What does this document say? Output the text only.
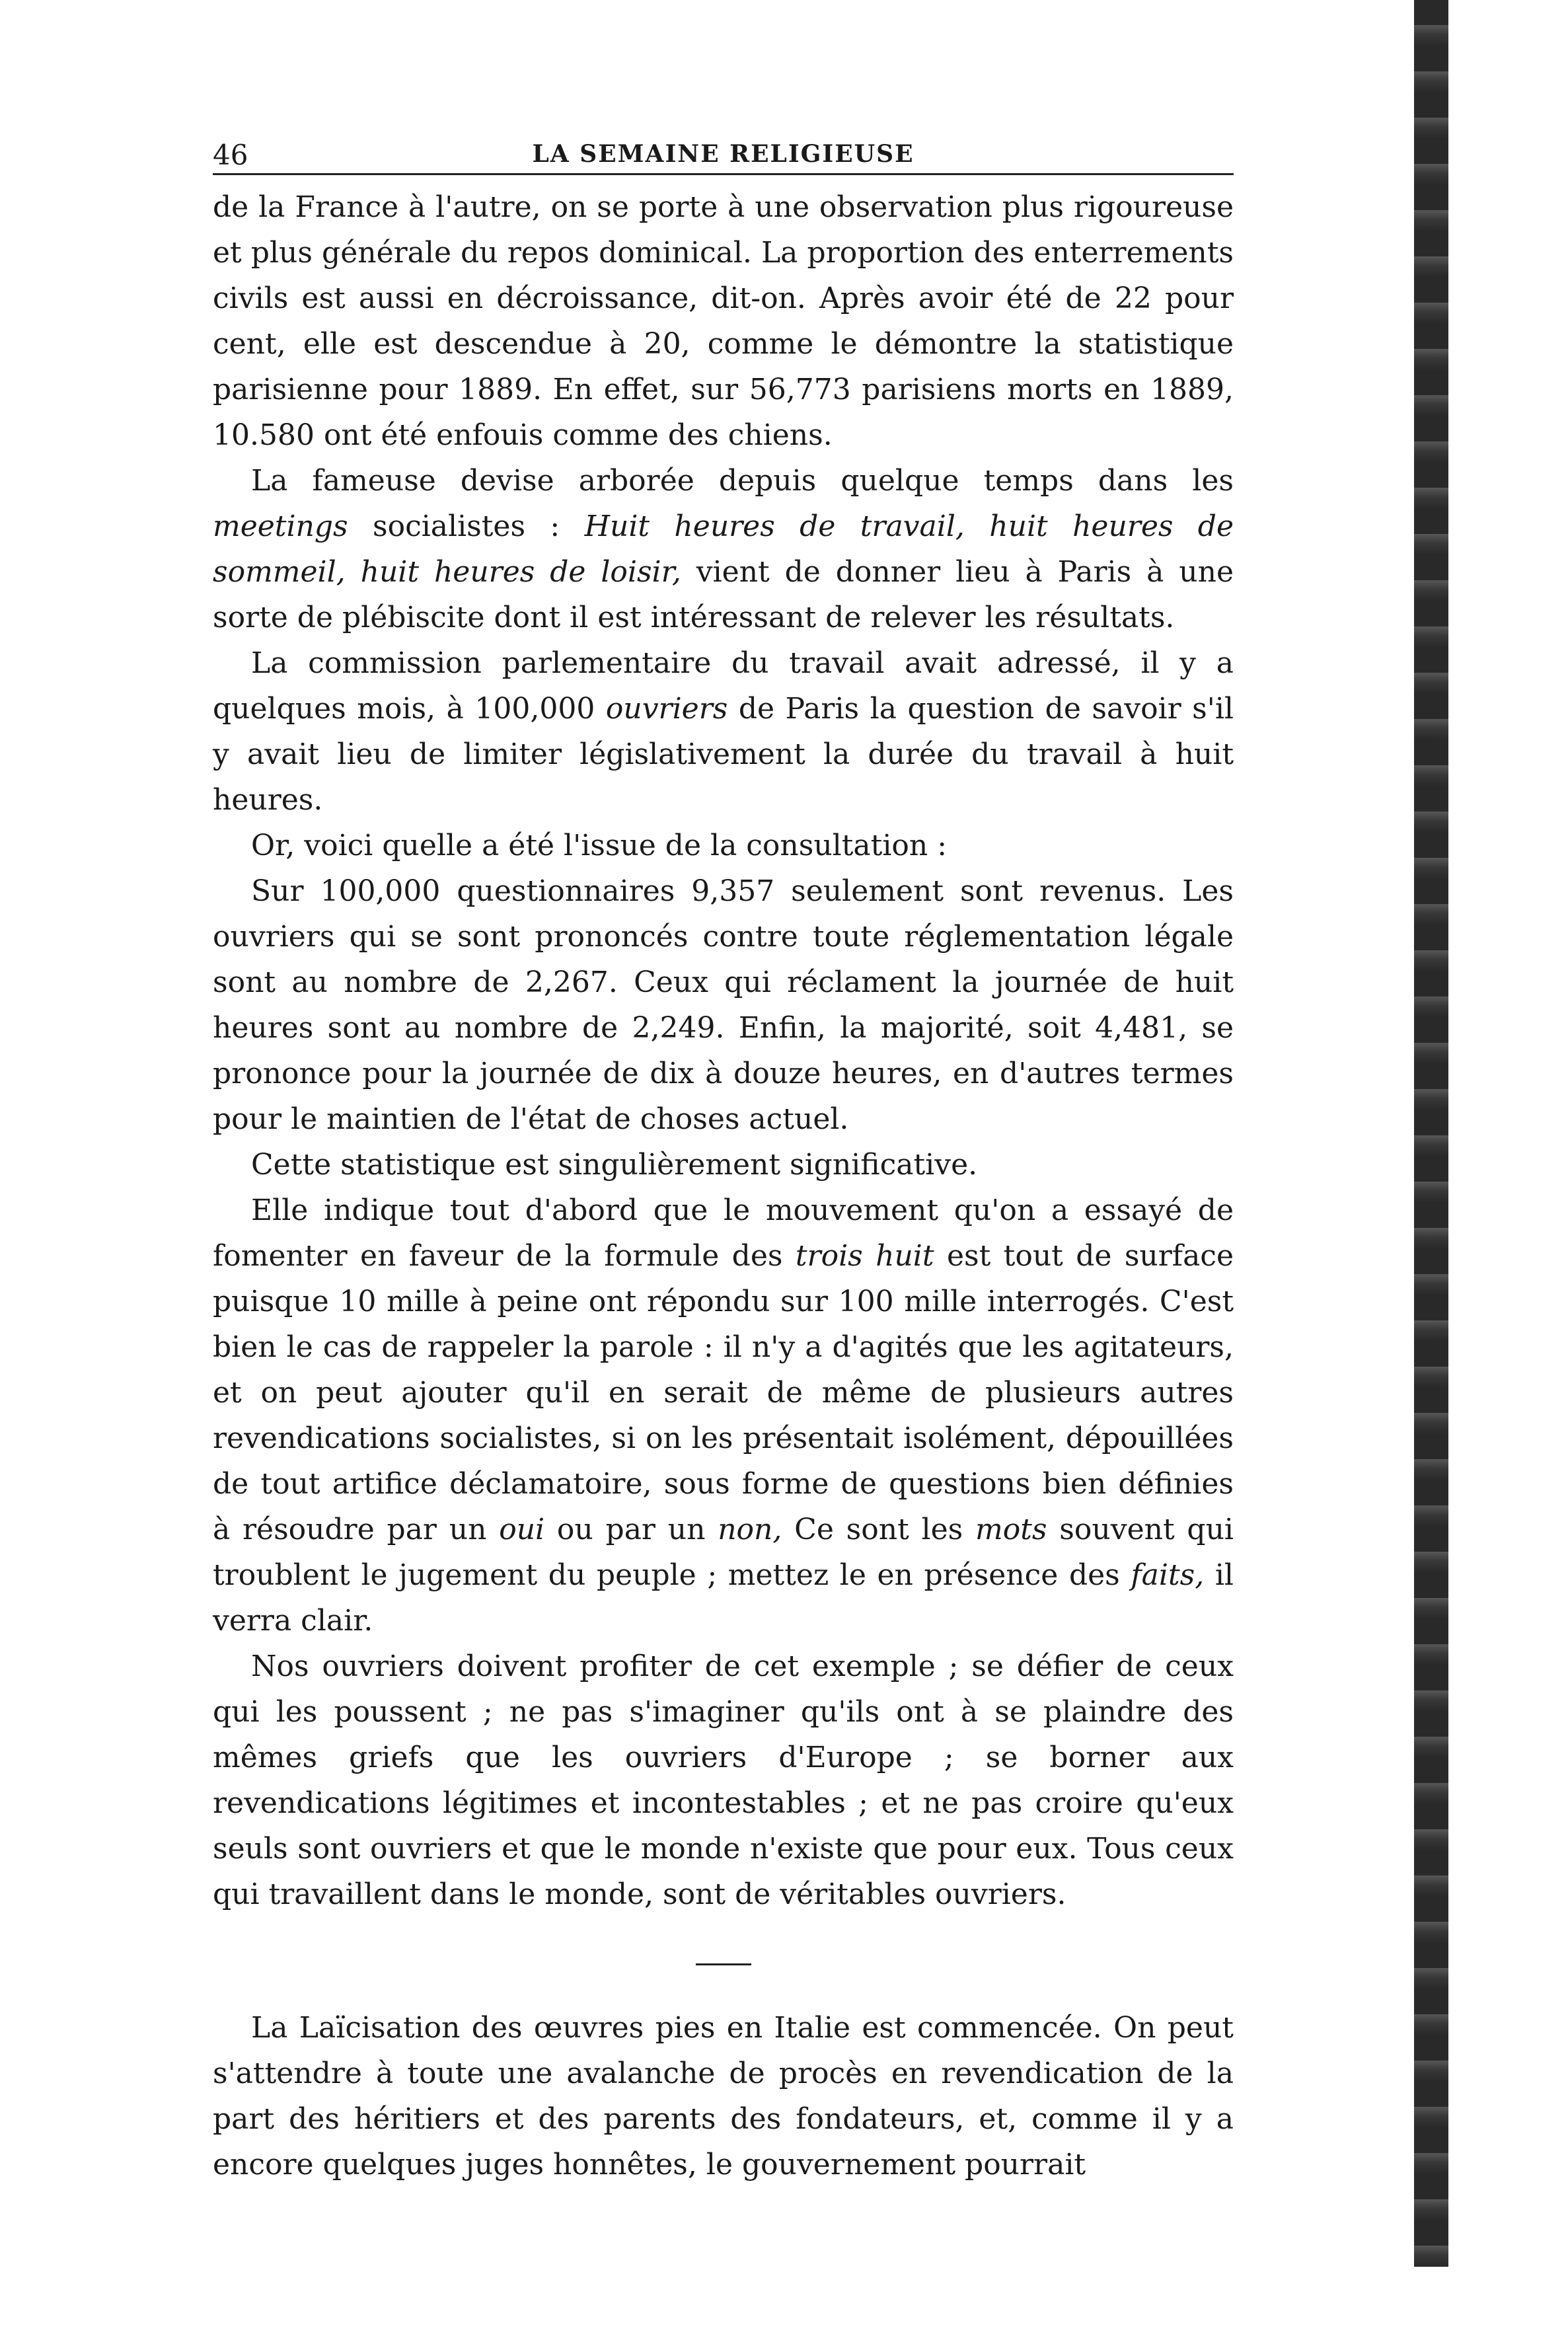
46	LA SEMAINE RELIGIEUSE

de la France à l'autre, on se porte à une observation plus rigoureuse et plus générale du repos dominical. La proportion des enterrements civils est aussi en décroissance, dit-on. Après avoir été de 22 pour cent, elle est descendue à 20, comme le démontre la statistique parisienne pour 1889. En effet, sur 56,773 parisiens morts en 1889, 10.580 ont été enfouis comme des chiens.

La fameuse devise arborée depuis quelque temps dans les meetings socialistes : Huit heures de travail, huit heures de sommeil, huit heures de loisir, vient de donner lieu à Paris à une sorte de plébiscite dont il est intéressant de relever les résultats.

La commission parlementaire du travail avait adressé, il y a quelques mois, à 100,000 ouvriers de Paris la question de savoir s'il y avait lieu de limiter législativement la durée du travail à huit heures.

Or, voici quelle a été l'issue de la consultation :

Sur 100,000 questionnaires 9,357 seulement sont revenus. Les ouvriers qui se sont prononcés contre toute réglementation légale sont au nombre de 2,267. Ceux qui réclament la journée de huit heures sont au nombre de 2,249. Enfin, la majorité, soit 4,481, se prononce pour la journée de dix à douze heures, en d'autres termes pour le maintien de l'état de choses actuel.

Cette statistique est singulièrement significative.

Elle indique tout d'abord que le mouvement qu'on a essayé de fomenter en faveur de la formule des trois huit est tout de surface puisque 10 mille à peine ont répondu sur 100 mille interrogés. C'est bien le cas de rappeler la parole : il n'y a d'agités que les agitateurs, et on peut ajouter qu'il en serait de même de plusieurs autres revendications socialistes, si on les présentait isolément, dépouillées de tout artifice déclamatoire, sous forme de questions bien définies à résoudre par un oui ou par un non, Ce sont les mots souvent qui troublent le jugement du peuple ; mettez le en présence des faits, il verra clair.

Nos ouvriers doivent profiter de cet exemple ; se défier de ceux qui les poussent ; ne pas s'imaginer qu'ils ont à se plaindre des mêmes griefs que les ouvriers d'Europe ; se borner aux revendications légitimes et incontestables ; et ne pas croire qu'eux seuls sont ouvriers et que le monde n'existe que pour eux. Tous ceux qui travaillent dans le monde, sont de véritables ouvriers.

La Laïcisation des œuvres pies en Italie est commencée. On peut s'attendre à toute une avalanche de procès en revendication de la part des héritiers et des parents des fondateurs, et, comme il y a encore quelques juges honnêtes, le gouvernement pourrait
